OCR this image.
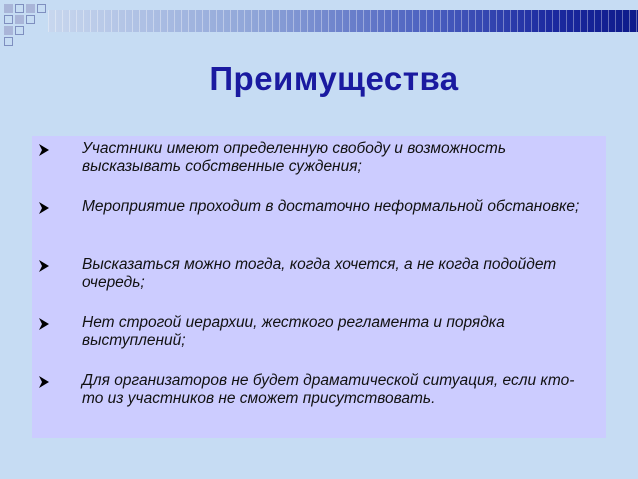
Преимущества
Участники имеют определенную свободу и возможность высказывать собственные суждения;
Мероприятие проходит в достаточно неформальной обстановке;
Высказаться можно тогда, когда хочется, а не когда подойдет очередь;
Нет строгой иерархии, жесткого регламента и порядка выступлений;
Для организаторов не будет драматической ситуация, если кто- то из участников не сможет присутствовать.
